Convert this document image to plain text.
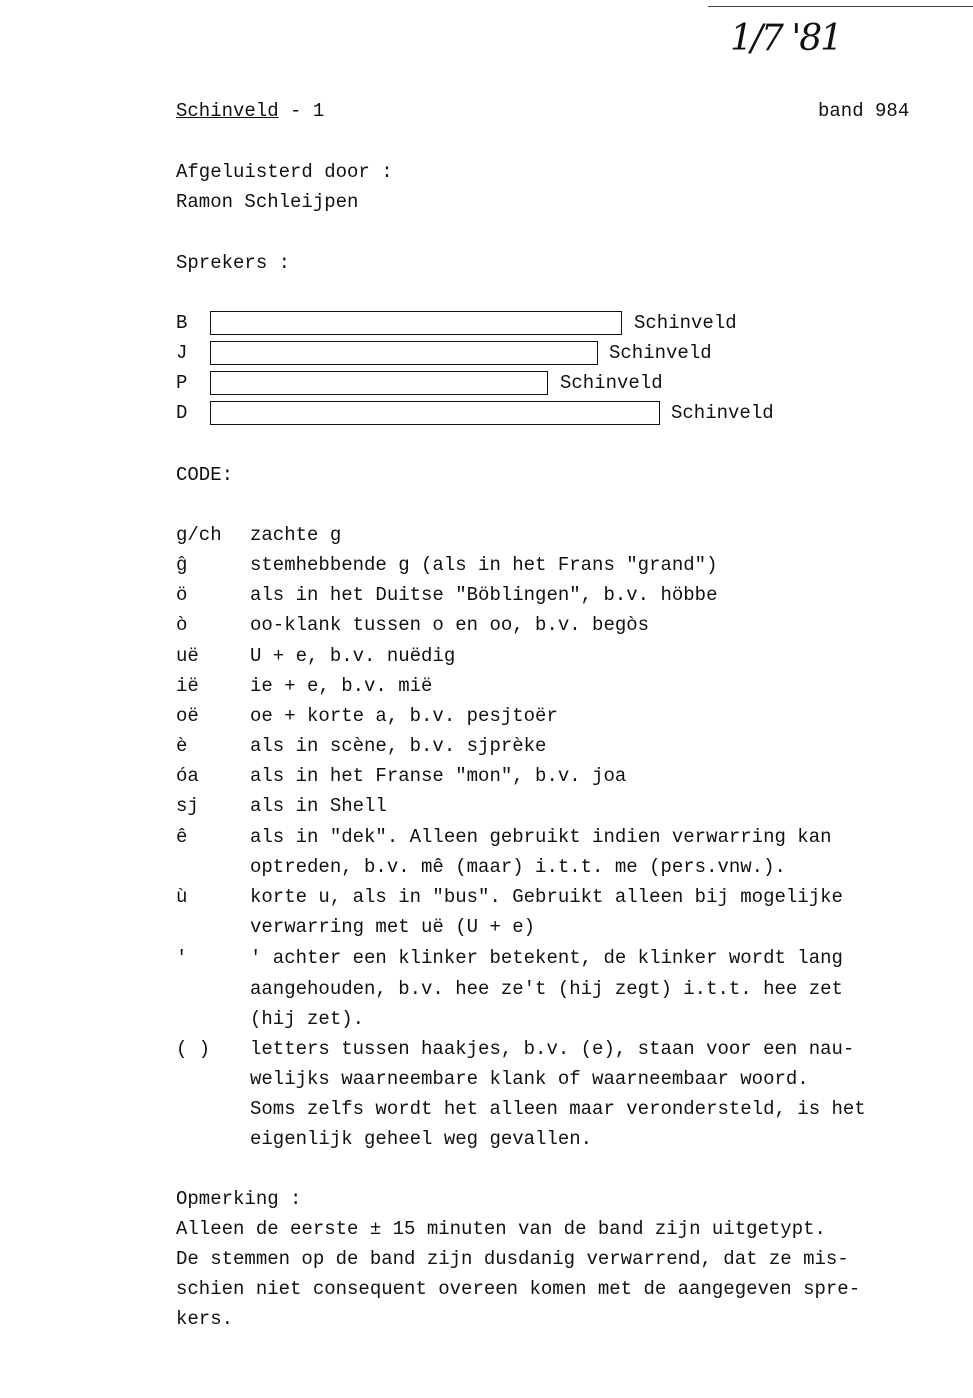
1/7 '81
Schinveld - 1	band 984
Afgeluisterd door :
Ramon Schleijpen
Sprekers :
B	Schinveld
J	Schinveld
P	Schinveld
D	Schinveld
CODE:
g/ch zachte g
ĝ	stemhebbende g (als in het Frans "grand")
ö	als in het Duitse "Böblingen", b.v. höbbe
ò	oo-klank tussen o en oo, b.v. begòs
uë	U + e, b.v. nuëdig
ië	ie + e, b.v. mië
oë	oe + korte a, b.v. pesjtoër
è	als in scène, b.v. sjprèke
óa	als in het Franse "mon", b.v. joa
sj	als in Shell
ê	als in "dek". Alleen gebruikt indien verwarring kan
optreden, b.v. mê (maar) i.t.t. me (pers.vnw.).
ù	korte u, als in "bus". Gebruikt alleen bij mogelijke
verwarring met uë (U + e)
'	' achter een klinker betekent, de klinker wordt lang
aangehouden, b.v. hee ze't (hij zegt) i.t.t. hee zet
(hij zet).
( ) letters tussen haakjes, b.v. (e), staan voor een nau-
welijks waarneembare klank of waarneembaar woord.
Soms zelfs wordt het alleen maar verondersteld, is het
eigenlijk geheel weg gevallen.
Opmerking :
Alleen de eerste ± 15 minuten van de band zijn uitgetypt.
De stemmen op de band zijn dusdanig verwarrend, dat ze mis-
schien niet consequent overeen komen met de aangegeven spre-
kers.
